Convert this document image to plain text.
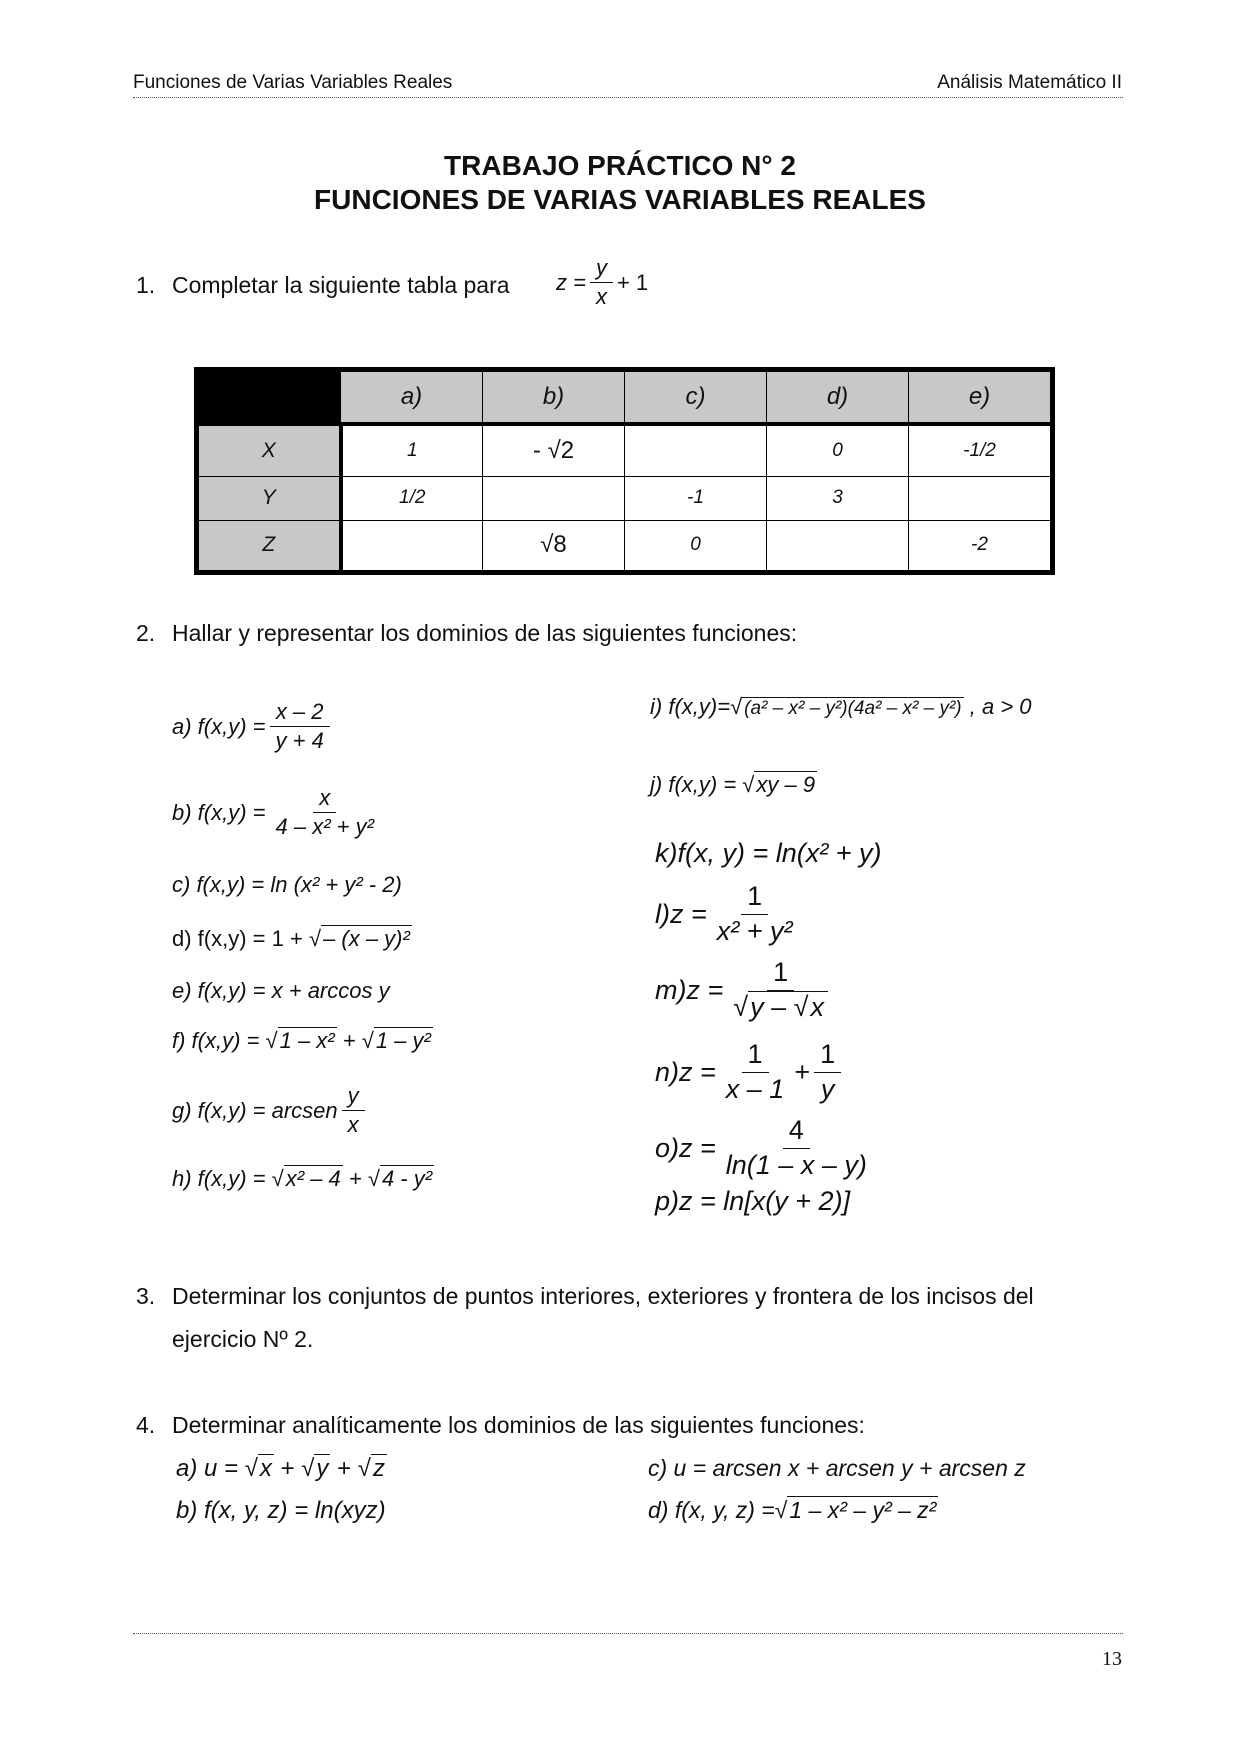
Funciones de Varias Variables Reales	Análisis Matemático II
TRABAJO PRÁCTICO N° 2
FUNCIONES DE VARIAS VARIABLES REALES
1. Completar la siguiente tabla para $z = \frac{y}{x} + 1$
	a)	b)	c)	d)	e)
X	1	- √2		0	-1/2
Y	1/2		-1	3	
Z		√8	0		-2
2. Hallar y representar los dominios de las siguientes funciones:
a) $f(x,y) = \frac{x - 2}{y + 4}$
b) $f(x,y) = \frac{x}{\text{4 – x² + y²}}$
c) f(x,y) = ln (x² + y² - 2)
d) f(x,y) = 1 + √– (x – y)²
e) f(x,y) = x + arccos y
f) f(x,y) = √1 – x² + √1 – y²
g) f(x,y) = arcsen $\frac{y}{x}$
h) f(x,y) = √x² – 4 + √4 - y²
i) f(x,y)=√ (a² – x² – y²)(4a² – x² – y²) , a > 0
j) f(x,y) = √xy – 9
k)f(x, y) = ln(x² + y)
$l)z = \frac{1}{\text{x² + y²}}$
$m)z = \frac{1}{√y - √x}$
$n)z = \frac{1}{x - 1} + \frac{1}{y}$
$o)z = \frac{4}{\ln(1 - x - y)}$
p)z = ln[x(y + 2)]
3. Determinar los conjuntos de puntos interiores, exteriores y frontera de los incisos del
ejercicio Nº 2.
4. Determinar analíticamente los dominios de las siguientes funciones:
a) u = √x + √y + √z
b) f(x, y, z) = ln(xyz)
c) u = arcsen x + arcsen y + arcsen z
d) f(x, y, z) =√1 – x² – y² – z²
13
